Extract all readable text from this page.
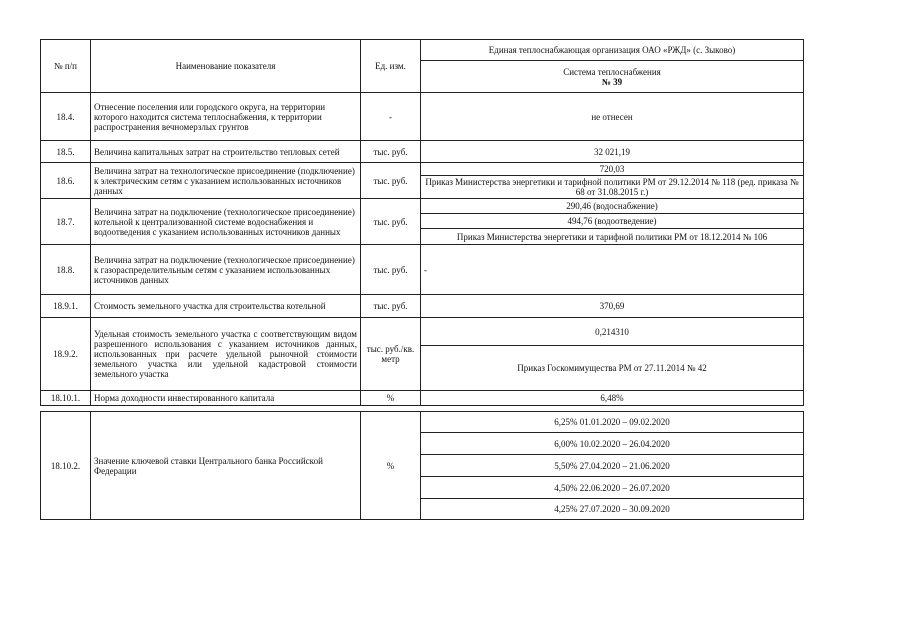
№ п/п	Наименование показателя	Ед. изм.	Единая теплоснабжающая организация ОАО «РЖД» (с. Зыково)

			Система теплоснабжения
№ 39

18.4.	Отнесение поселения или городского округа, на территории которого находится система теплоснабжения, к территории распространения вечномерзлых грунтов	-	не отнесен
18.5.	Величина капитальных затрат на строительство тепловых сетей	тыс. руб.	32 021,19
18.6.	Величина затрат на технологическое присоединение (подключение) к электрическим сетям с указанием использованных источников данных	тыс. руб.	720,03
			Приказ Министерства энергетики и тарифной политики РМ от 29.12.2014 № 118 (ред. приказа № 68 от 31.08.2015 г.)
18.7.	Величина затрат на подключение (технологическое присоединение) котельной к централизованной системе водоснабжения и водоотведения с указанием использованных источников данных	тыс. руб.	290,46 (водоснабжение)
			494,76 (водоотведение)
			Приказ Министерства энергетики и тарифной политики РМ от 18.12.2014 № 106
18.8.	Величина затрат на подключение (технологическое присоединение) к газораспределительным сетям с указанием использованных источников данных	тыс. руб.	-
18.9.1.	Стоимость земельного участка для строительства котельной	тыс. руб.	370,69
18.9.2.	Удельная стоимость земельного участка с соответствующим видом разрешенного использования с указанием источников данных, использованных при расчете удельной рыночной стоимости земельного участка или удельной кадастровой стоимости земельного участка	тыс. руб./кв. метр	0,214310
			Приказ Госкомимущества РМ от 27.11.2014 № 42
18.10.1.	Норма доходности инвестированного капитала	%	6,48%

18.10.2.	Значение ключевой ставки Центрального банка Российской Федерации	%	6,25% 01.01.2020 – 09.02.2020
			6,00% 10.02.2020 – 26.04.2020
			5,50% 27.04.2020 – 21.06.2020
			4,50% 22.06.2020 – 26.07.2020
			4,25% 27.07.2020 – 30.09.2020
